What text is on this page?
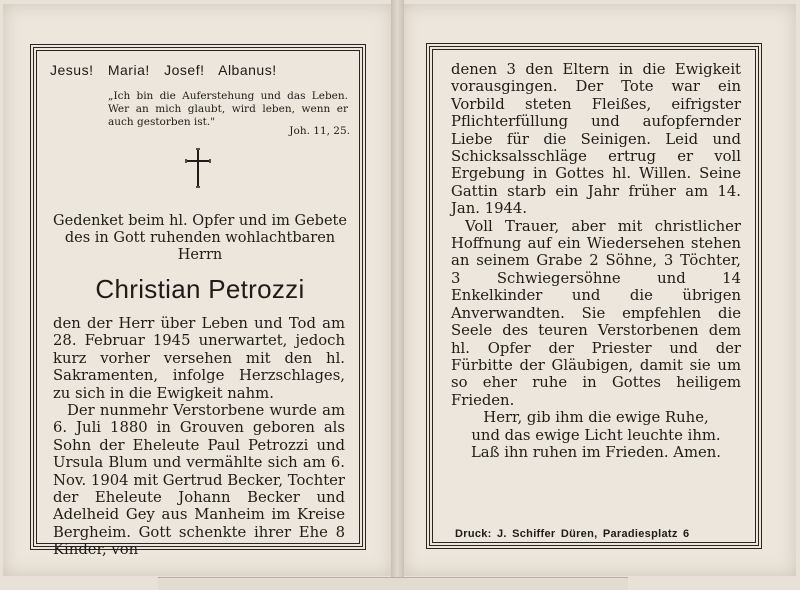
Jesus! Maria! Josef! Albanus!
„Ich bin die Auferstehung und das Leben. Wer an mich glaubt, wird leben, wenn er auch gestorben ist."
Joh. 11, 25.
Gedenket beim hl. Opfer und im Gebete des in Gott ruhenden wohlachtbaren Herrn
Christian Petrozzi

den der Herr über Leben und Tod am 28. Februar 1945 unerwartet, jedoch kurz vorher versehen mit den hl. Sakramenten, infolge Herzschlages, zu sich in die Ewigkeit nahm.

Der nunmehr Verstorbene wurde am 6. Juli 1880 in Grouven geboren als Sohn der Eheleute Paul Petrozzi und Ursula Blum und vermählte sich am 6. Nov. 1904 mit Gertrud Becker, Tochter der Eheleute Johann Becker und Adelheid Gey aus Manheim im Kreise Bergheim. Gott schenkte ihrer Ehe 8 Kinder, von

denen 3 den Eltern in die Ewigkeit vorausgingen. Der Tote war ein Vorbild steten Fleißes, eifrigster Pflichterfüllung und aufopfernder Liebe für die Seinigen. Leid und Schicksalsschläge ertrug er voll Ergebung in Gottes hl. Willen. Seine Gattin starb ein Jahr früher am 14. Jan. 1944.

Voll Trauer, aber mit christlicher Hoffnung auf ein Wiedersehen stehen an seinem Grabe 2 Söhne, 3 Töchter, 3 Schwiegersöhne und 14 Enkelkinder und die übrigen Anverwandten. Sie empfehlen die Seele des teuren Verstorbenen dem hl. Opfer der Priester und der Fürbitte der Gläubigen, damit sie um so eher ruhe in Gottes heiligem Frieden.

Herr, gib ihm die ewige Ruhe,

und das ewige Licht leuchte ihm.

Laß ihn ruhen im Frieden. Amen.

Druck: J. Schiffer Düren, Paradiesplatz 6
